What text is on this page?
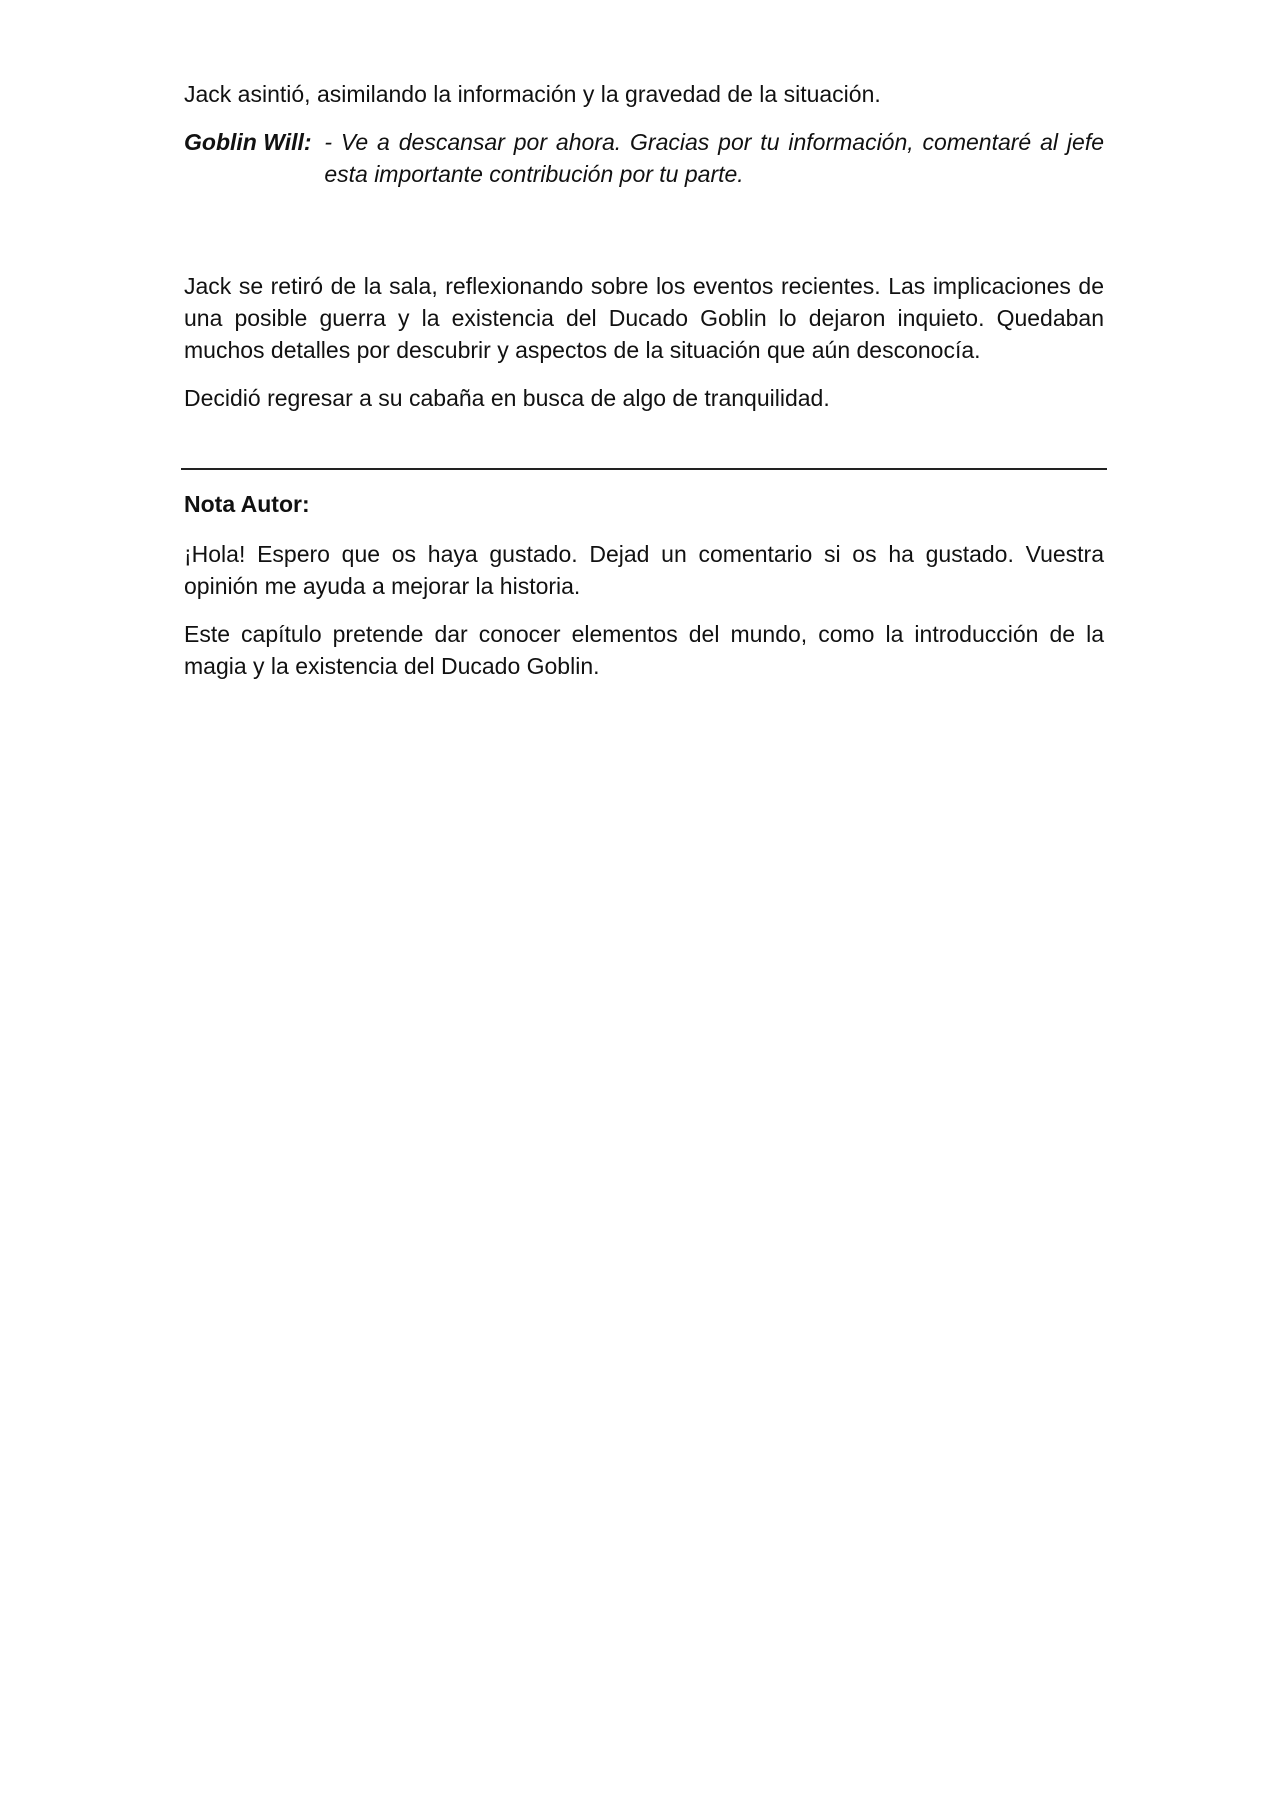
Jack asintió, asimilando la información y la gravedad de la situación.

Goblin Will:
- Ve a descansar por ahora. Gracias por tu información, comentaré al jefe esta importante contribución por tu parte.

Jack se retiró de la sala, reflexionando sobre los eventos recientes. Las implicaciones de una posible guerra y la existencia del Ducado Goblin lo dejaron inquieto. Quedaban muchos detalles por descubrir y aspectos de la situación que aún desconocía.

Decidió regresar a su cabaña en busca de algo de tranquilidad.

Nota Autor:

¡Hola! Espero que os haya gustado. Dejad un comentario si os ha gustado. Vuestra opinión me ayuda a mejorar la historia.

Este capítulo pretende dar conocer elementos del mundo, como la introducción de la magia y la existencia del Ducado Goblin.
